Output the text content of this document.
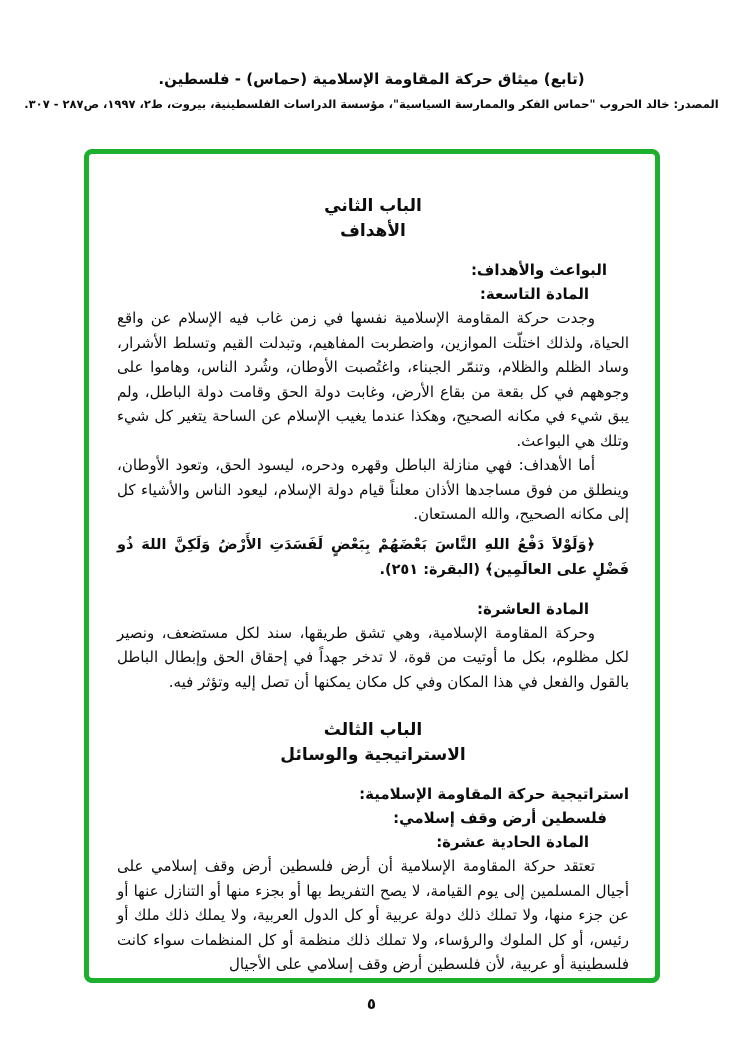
(تابع) ميثاق حركة المقاومة الإسلامية (حماس) - فلسطين.
المصدر: خالد الحروب "حماس الفكر والممارسة السياسية"، مؤسسة الدراسات الفلسطينية، بيروت، ط٢، ١٩٩٧، ص٢٨٧ - ٣٠٧.
الباب الثاني
الأهداف
البواعث والأهداف:
المادة التاسعة:
وجدت حركة المقاومة الإسلامية نفسها في زمن غاب فيه الإسلام عن واقع الحياة، ولذلك اختلّت الموازين، واضطربت المفاهيم، وتبدلت القيم وتسلط الأشرار، وساد الظلم والظلام، وتنمّر الجبناء، واغتُصبت الأوطان، وشُرد الناس، وهاموا على وجوههم في كل بقعة من بقاع الأرض، وغابت دولة الحق وقامت دولة الباطل، ولم يبق شيء في مكانه الصحيح، وهكذا عندما يغيب الإسلام عن الساحة يتغير كل شيء وتلك هي البواعث.
أما الأهداف: فهي منازلة الباطل وقهره ودحره، ليسود الحق، وتعود الأوطان، وينطلق من فوق مساجدها الأذان معلناً قيام دولة الإسلام، ليعود الناس والأشياء كل إلى مكانه الصحيح، والله المستعان.
﴿وَلَوْلاَ دَفْعُ اللهِ النَّاسَ بَعْضَهُمْ بِبَعْضٍ لَفَسَدَتِ الأَرْضُ وَلَكِنَّ اللهَ ذُو فَضْلٍ على العالَمِين﴾ (البقرة: ٢٥١).
المادة العاشرة:
وحركة المقاومة الإسلامية، وهي تشق طريقها، سند لكل مستضعف، ونصير لكل مظلوم، بكل ما أوتيت من قوة، لا تدخر جهداً في إحقاق الحق وإبطال الباطل بالقول والفعل في هذا المكان وفي كل مكان يمكنها أن تصل إليه وتؤثر فيه.
الباب الثالث
الاستراتيجية والوسائل
استراتيجية حركة المقاومة الإسلامية:
فلسطين أرض وقف إسلامي:
المادة الحادية عشرة:
تعتقد حركة المقاومة الإسلامية أن أرض فلسطين أرض وقف إسلامي على أجيال المسلمين إلى يوم القيامة، لا يصح التفريط بها أو بجزء منها أو التنازل عنها أو عن جزء منها، ولا تملك ذلك دولة عربية أو كل الدول العربية، ولا يملك ذلك ملك أو رئيس، أو كل الملوك والرؤساء، ولا تملك ذلك منظمة أو كل المنظمات سواء كانت فلسطينية أو عربية، لأن فلسطين أرض وقف إسلامي على الأجيال
٥
